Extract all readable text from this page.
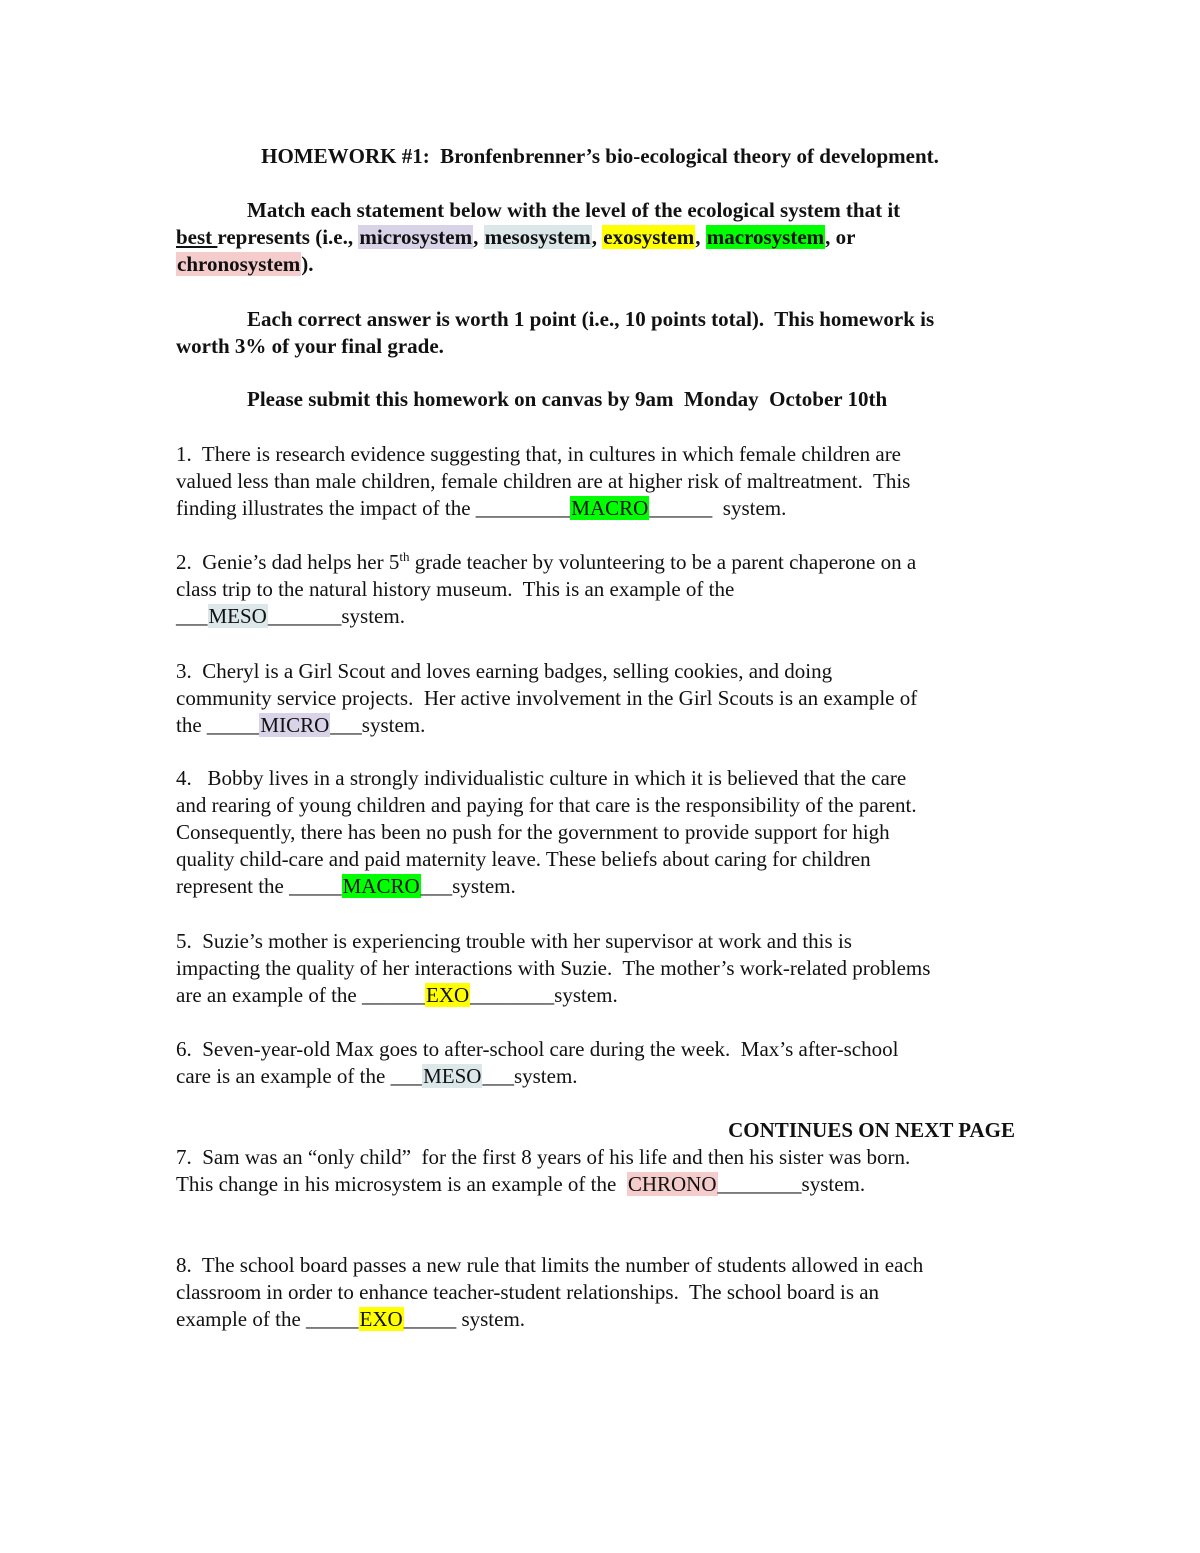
HOMEWORK #1:  Bronfenbrenner’s bio-ecological theory of development.

Match each statement below with the level of the ecological system that it

best represents (i.e., microsystem, mesosystem, exosystem, macrosystem, or

chronosystem).

Each correct answer is worth 1 point (i.e., 10 points total).  This homework is

worth 3% of your final grade.

Please submit this homework on canvas by 9am  Monday  October 10th

1.  There is research evidence suggesting that, in cultures in which female children are

valued less than male children, female children are at higher risk of maltreatment.  This

finding illustrates the impact of the _________MACRO______  system.

2.  Genie’s dad helps her 5th grade teacher by volunteering to be a parent chaperone on a

class trip to the natural history museum.  This is an example of the

___MESO_______system.

3.  Cheryl is a Girl Scout and loves earning badges, selling cookies, and doing

community service projects.  Her active involvement in the Girl Scouts is an example of

the _____MICRO___system.

4.   Bobby lives in a strongly individualistic culture in which it is believed that the care

and rearing of young children and paying for that care is the responsibility of the parent.

Consequently, there has been no push for the government to provide support for high

quality child-care and paid maternity leave. These beliefs about caring for children

represent the _____MACRO___system.

5.  Suzie’s mother is experiencing trouble with her supervisor at work and this is

impacting the quality of her interactions with Suzie.  The mother’s work-related problems

are an example of the ______EXO________system.

6.  Seven-year-old Max goes to after-school care during the week.  Max’s after-school

care is an example of the ___MESO___system.

CONTINUES ON NEXT PAGE

7.  Sam was an “only child”  for the first 8 years of his life and then his sister was born.

This change in his microsystem is an example of the  CHRONO________system.

8.  The school board passes a new rule that limits the number of students allowed in each

classroom in order to enhance teacher-student relationships.  The school board is an

example of the _____EXO_____ system.
